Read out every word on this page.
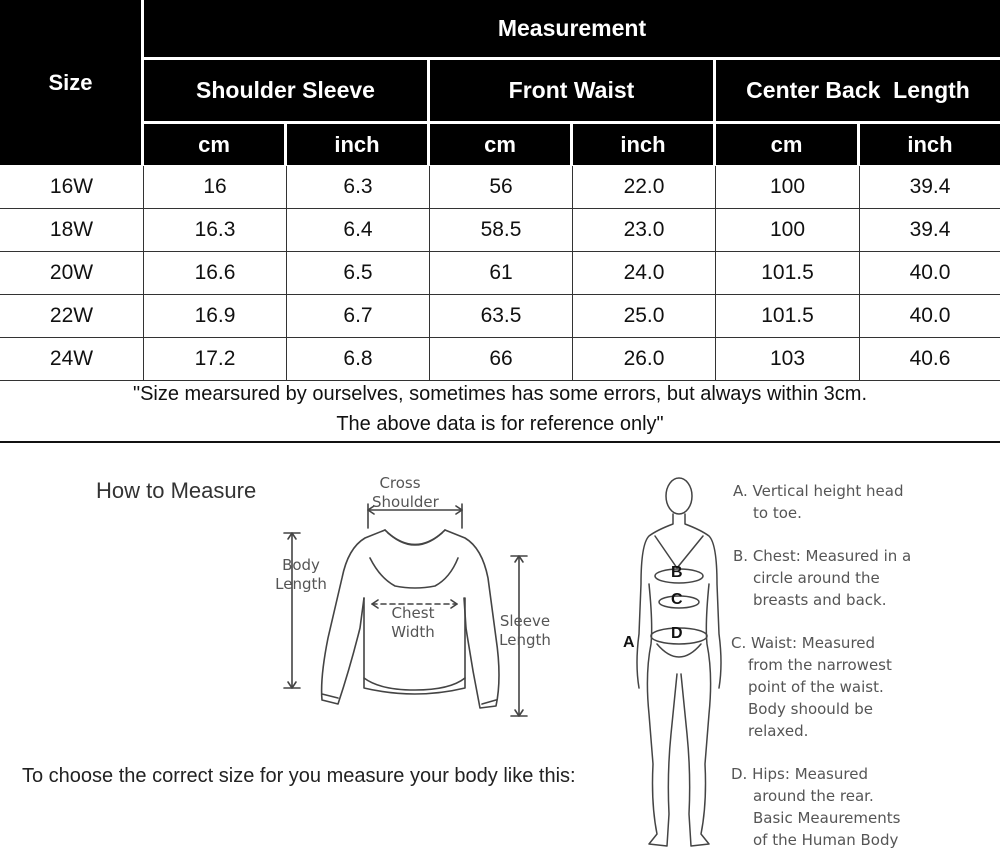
Size
Measurement
Shoulder Sleeve	Front Waist	Center Back  Length
cm	inch	cm	inch	cm	inch
16W	16	6.3	56	22.0	100	39.4
18W	16.3	6.4	58.5	23.0	100	39.4
20W	16.6	6.5	61	24.0	101.5	40.0
22W	16.9	6.7	63.5	25.0	101.5	40.0
24W	17.2	6.8	66	26.0	103	40.6
"Size mearsured by ourselves, sometimes has some errors, but always within 3cm.
The above data is for reference only"
How to Measure
To choose the correct size for you measure your body like this:
Cross
Shoulder
Body
Length
Chest
Width
Sleeve
Length
B
C
D
A
A. Vertical height head
to toe.
B. Chest: Measured in a
circle around the
breasts and back.
C. Waist: Measured
from the narrowest
point of the waist.
Body shoould be
relaxed.
D. Hips: Measured
around the rear.
Basic Meaurements
of the Human Body
